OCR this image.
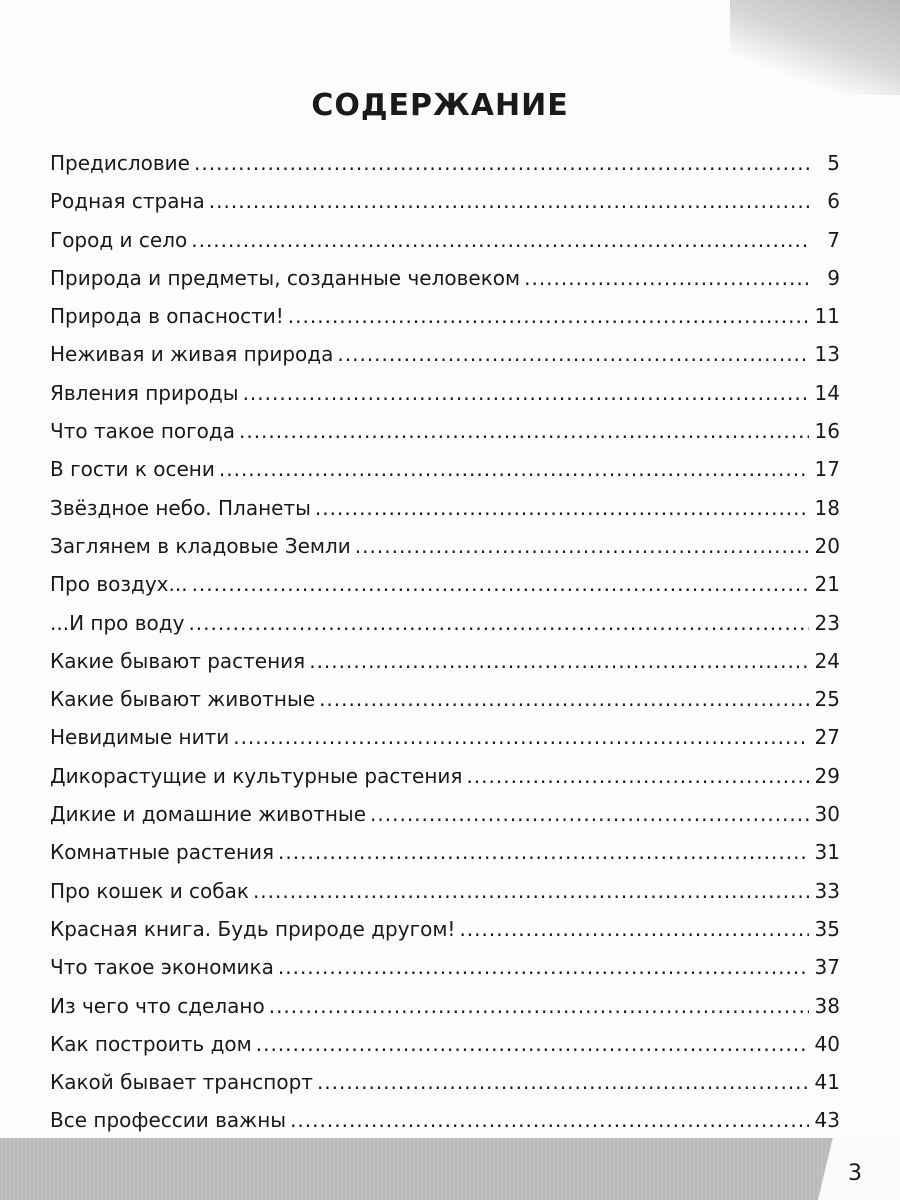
СОДЕРЖАНИЕ
Предисловие .....	5
Родная страна .....	6
Город и село .....	7
Природа и предметы, созданные человеком .....	9
Природа в опасности! .....	11
Неживая и живая природа .....	13
Явления природы .....	14
Что такое погода .....	16
В гости к осени .....	17
Звёздное небо. Планеты .....	18
Заглянем в кладовые Земли .....	20
Про воздух... .....	21
...И про воду .....	23
Какие бывают растения .....	24
Какие бывают животные .....	25
Невидимые нити .....	27
Дикорастущие и культурные растения .....	29
Дикие и домашние животные .....	30
Комнатные растения .....	31
Про кошек и собак .....	33
Красная книга. Будь природе другом! .....	35
Что такое экономика .....	37
Из чего что сделано .....	38
Как построить дом .....	40
Какой бывает транспорт .....	41
Все профессии важны .....	43
3
